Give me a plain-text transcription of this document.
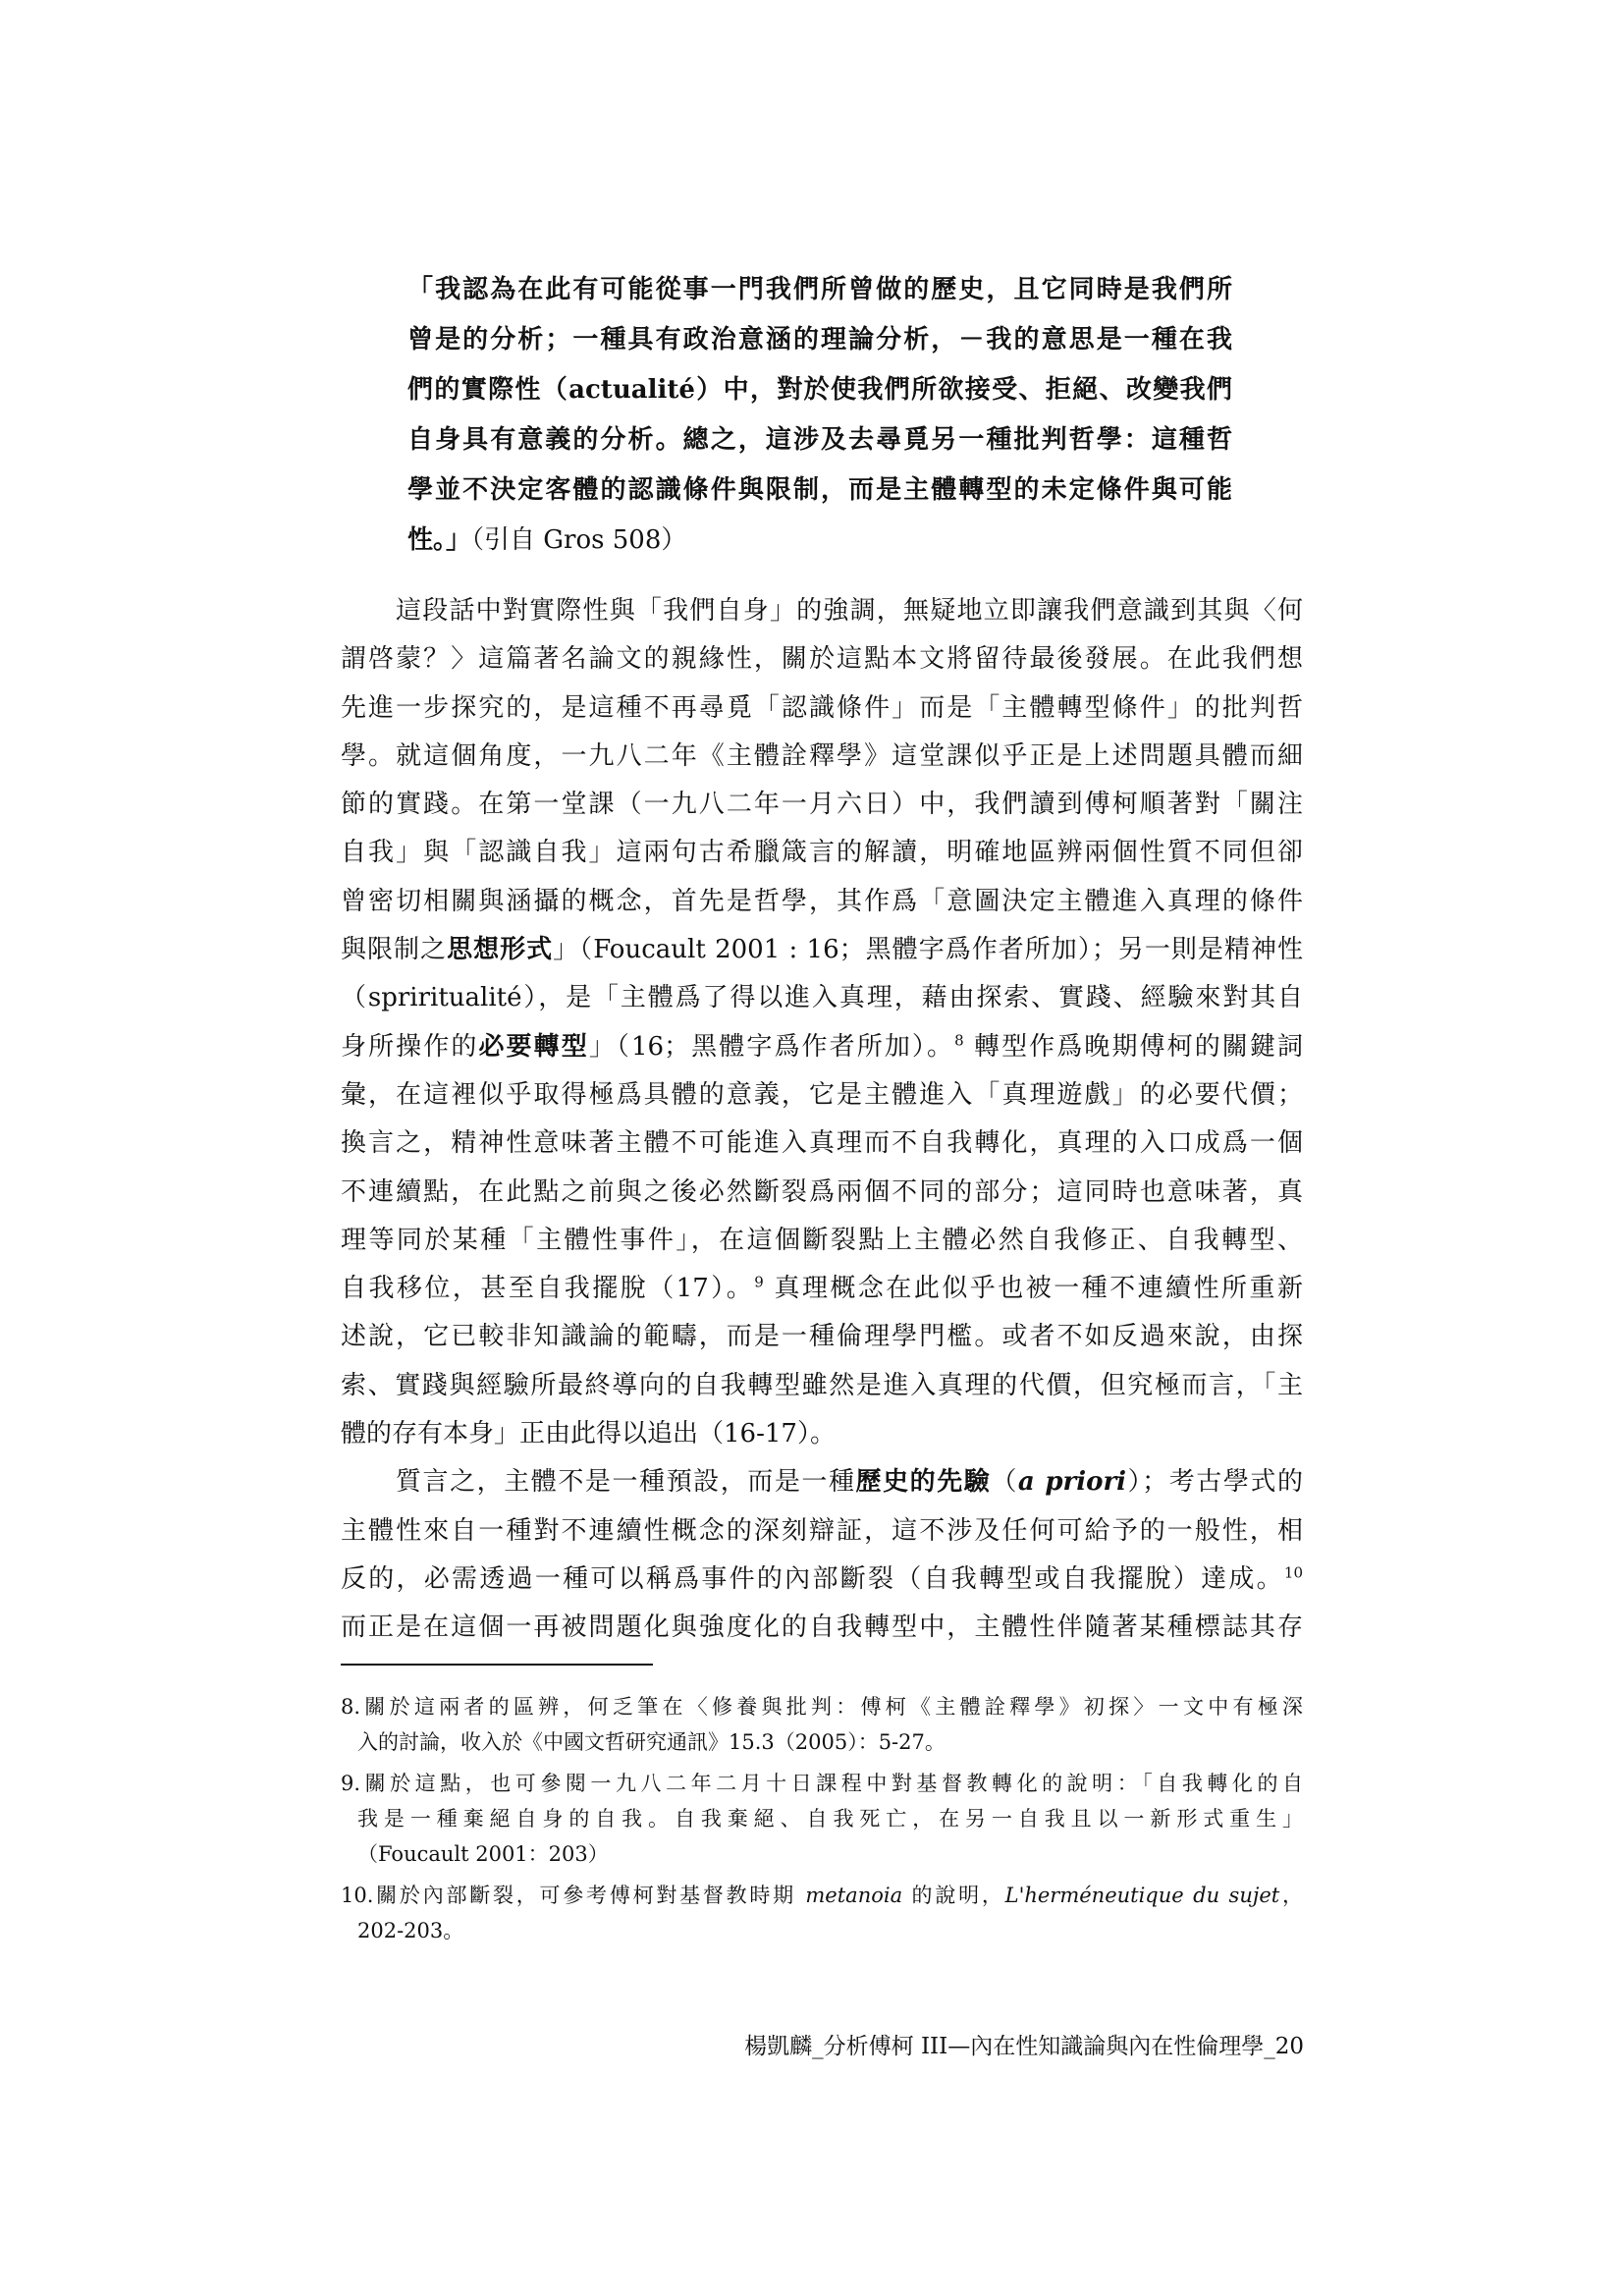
「我認為在此有可能從事一門我們所曾做的歷史，且它同時是我們所
曾是的分析；一種具有政治意涵的理論分析，－我的意思是一種在我
們的實際性（actualité）中，對於使我們所欲接受、拒絕、改變我們
自身具有意義的分析。總之，這涉及去尋覓另一種批判哲學：這種哲
學並不決定客體的認識條件與限制，而是主體轉型的未定條件與可能
性。」（引自 Gros 508）
這段話中對實際性與「我們自身」的強調，無疑地立即讓我們意識到其與〈何
謂啓蒙？〉這篇著名論文的親緣性，關於這點本文將留待最後發展。在此我們想
先進一步探究的，是這種不再尋覓「認識條件」而是「主體轉型條件」的批判哲
學。就這個角度，一九八二年《主體詮釋學》這堂課似乎正是上述問題具體而細
節的實踐。在第一堂課（一九八二年一月六日）中，我們讀到傅柯順著對「關注
自我」與「認識自我」這兩句古希臘箴言的解讀，明確地區辨兩個性質不同但卻
曾密切相關與涵攝的概念，首先是哲學，其作爲「意圖決定主體進入真理的條件
與限制之思想形式」（Foucault 2001 : 16；黑體字爲作者所加）；另一則是精神性
（spriritualité），是「主體爲了得以進入真理，藉由探索、實踐、經驗來對其自
身所操作的必要轉型」（16；黑體字爲作者所加）。$^8$ 轉型作爲晚期傅柯的關鍵詞
彙，在這裡似乎取得極爲具體的意義，它是主體進入「真理遊戲」的必要代價；
換言之，精神性意味著主體不可能進入真理而不自我轉化，真理的入口成爲一個
不連續點，在此點之前與之後必然斷裂爲兩個不同的部分；這同時也意味著，真
理等同於某種「主體性事件」，在這個斷裂點上主體必然自我修正、自我轉型、
自我移位，甚至自我擺脫（17）。$^9$ 真理概念在此似乎也被一種不連續性所重新
述說，它已較非知識論的範疇，而是一種倫理學門檻。或者不如反過來說，由探
索、實踐與經驗所最終導向的自我轉型雖然是進入真理的代價，但究極而言，「主
體的存有本身」正由此得以追出（16-17）。
質言之，主體不是一種預設，而是一種歷史的先驗（a priori）；考古學式的
主體性來自一種對不連續性概念的深刻辯証，這不涉及任何可給予的一般性，相
反的，必需透過一種可以稱爲事件的內部斷裂（自我轉型或自我擺脫）達成。$^{10}$
而正是在這個一再被問題化與強度化的自我轉型中，主體性伴隨著某種標誌其存
8.關於這兩者的區辨，何乏筆在〈修養與批判：傅柯《主體詮釋學》初探〉一文中有極深
入的討論，收入於《中國文哲研究通訊》15.3（2005）：5-27。
9.關於這點，也可參閱一九八二年二月十日課程中對基督教轉化的說明：「自我轉化的自
我是一種棄絕自身的自我。自我棄絕、自我死亡，在另一自我且以一新形式重生」
（Foucault 2001：203）
10.關於內部斷裂，可參考傅柯對基督教時期 metanoia 的說明，L'herméneutique du sujet，
202-203。
楊凱麟_分析傅柯 III—內在性知識論與內在性倫理學_20
